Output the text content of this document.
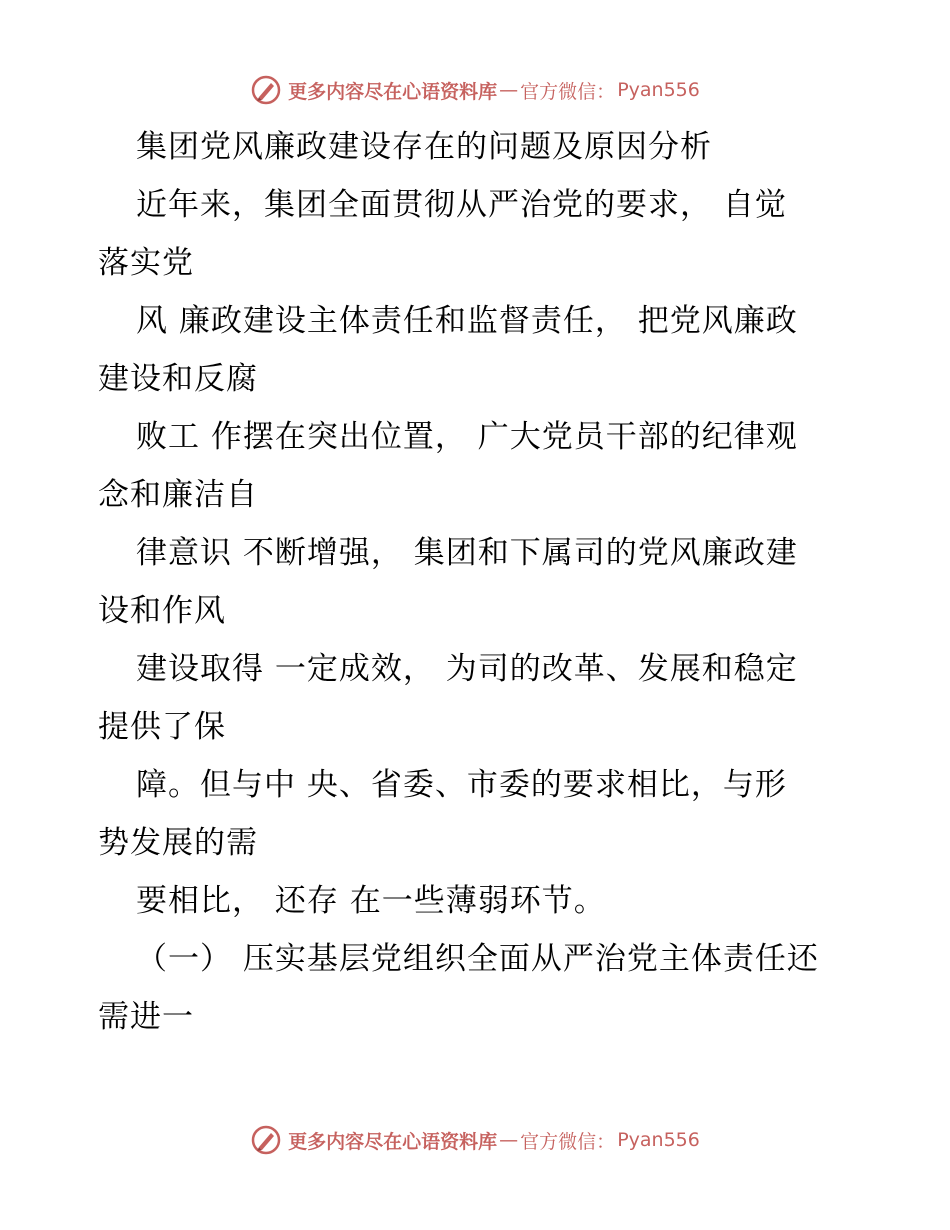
更多内容尽在心语资料库 — 官方微信： Pyan556
集团党风廉政建设存在的问题及原因分析
近年来，集团全面贯彻从严治党的要求， 自觉
落实党
风 廉政建设主体责任和监督责任， 把党风廉政
建设和反腐
败工 作摆在突出位置， 广大党员干部的纪律观
念和廉洁自
律意识 不断增强， 集团和下属司的党风廉政建
设和作风
建设取得 一定成效， 为司的改革、发展和稳定
提供了保
障。但与中 央、省委、市委的要求相比，与形
势发展的需
要相比， 还存 在一些薄弱环节。
（一） 压实基层党组织全面从严治党主体责任还
需进一
更多内容尽在心语资料库 — 官方微信： Pyan556
